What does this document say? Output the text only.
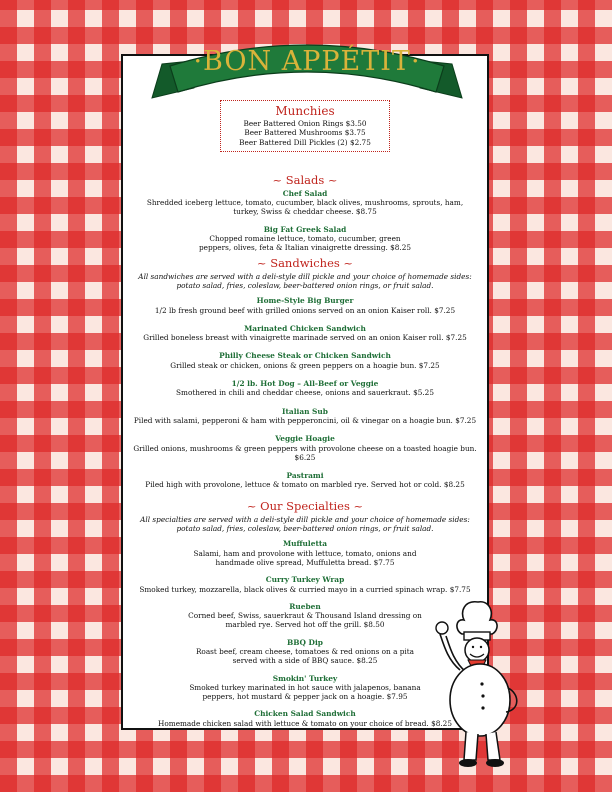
·BON APPÉTIT·
Munchies
Beer Battered Onion Rings $3.50
Beer Battered Mushrooms $3.75
Beer Battered Dill Pickles (2) $2.75
~ Salads ~
Chef Salad
Shredded iceberg lettuce, tomato, cucumber, black olives, mushrooms, sprouts, ham, turkey, Swiss & cheddar cheese. $8.75
Big Fat Greek Salad
Chopped romaine lettuce, tomato, cucumber, green peppers, olives, feta & Italian vinaigrette dressing. $8.25
~ Sandwiches ~
All sandwiches are served with a deli-style dill pickle and your choice of homemade sides: potato salad, fries, coleslaw, beer-battered onion rings, or fruit salad.
Home-Style Big Burger
1/2 lb fresh ground beef with grilled onions served on an onion Kaiser roll. $7.25
Marinated Chicken Sandwich
Grilled boneless breast with vinaigrette marinade served on an onion Kaiser roll. $7.25
Philly Cheese Steak or Chicken Sandwich
Grilled steak or chicken, onions & green peppers on a hoagie bun. $7.25
1/2 lb. Hot Dog – All-Beef or Veggie
Smothered in chili and cheddar cheese, onions and sauerkraut. $5.25
Italian Sub
Piled with salami, pepperoni & ham with pepperoncini, oil & vinegar on a hoagie bun. $7.25
Veggie Hoagie
Grilled onions, mushrooms & green peppers with provolone cheese on a toasted hoagie bun. $6.25
Pastrami
Piled high with provolone, lettuce & tomato on marbled rye. Served hot or cold. $8.25
~ Our Specialties ~
All specialties are served with a deli-style dill pickle and your choice of homemade sides: potato salad, fries, coleslaw, beer-battered onion rings, or fruit salad.
Muffuletta
Salami, ham and provolone with lettuce, tomato, onions and handmade olive spread, Muffuletta bread. $7.75
Curry Turkey Wrap
Smoked turkey, mozzarella, black olives & curried mayo in a curried spinach wrap. $7.75
Rueben
Corned beef, Swiss, sauerkraut & Thousand Island dressing on marbled rye. Served hot off the grill. $8.50
BBQ Dip
Roast beef, cream cheese, tomatoes & red onions on a pita served with a side of BBQ sauce. $8.25
Smokin' Turkey
Smoked turkey marinated in hot sauce with jalapenos, banana peppers, hot mustard & pepper jack on a hoagie. $7.95
Chicken Salad Sandwich
Homemade chicken salad with lettuce & tomato on your choice of bread. $8.25
